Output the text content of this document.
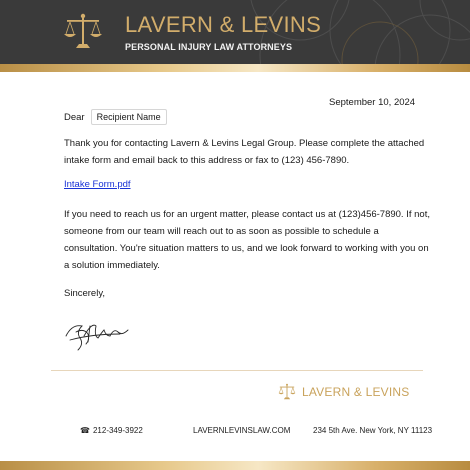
LAVERN & LEVINS
PERSONAL INJURY LAW ATTORNEYS
September 10, 2024
Dear	Recipient Name
Thank you for contacting Lavern & Levins Legal Group. Please complete the attached intake form and email back to this address or fax to (123) 456-7890.
Intake Form.pdf
If you need to reach us for an urgent matter, please contact us at (123)456-7890. If not, someone from our team will reach out to as soon as possible to schedule a consultation. You're situation matters to us, and we look forward to working with you on a solution immediately.
Sincerely,
LAVERN & LEVINS
☎ 212-349-3922	LAVERNLEVINSLAW.COM	234 5th Ave. New York, NY 11123
